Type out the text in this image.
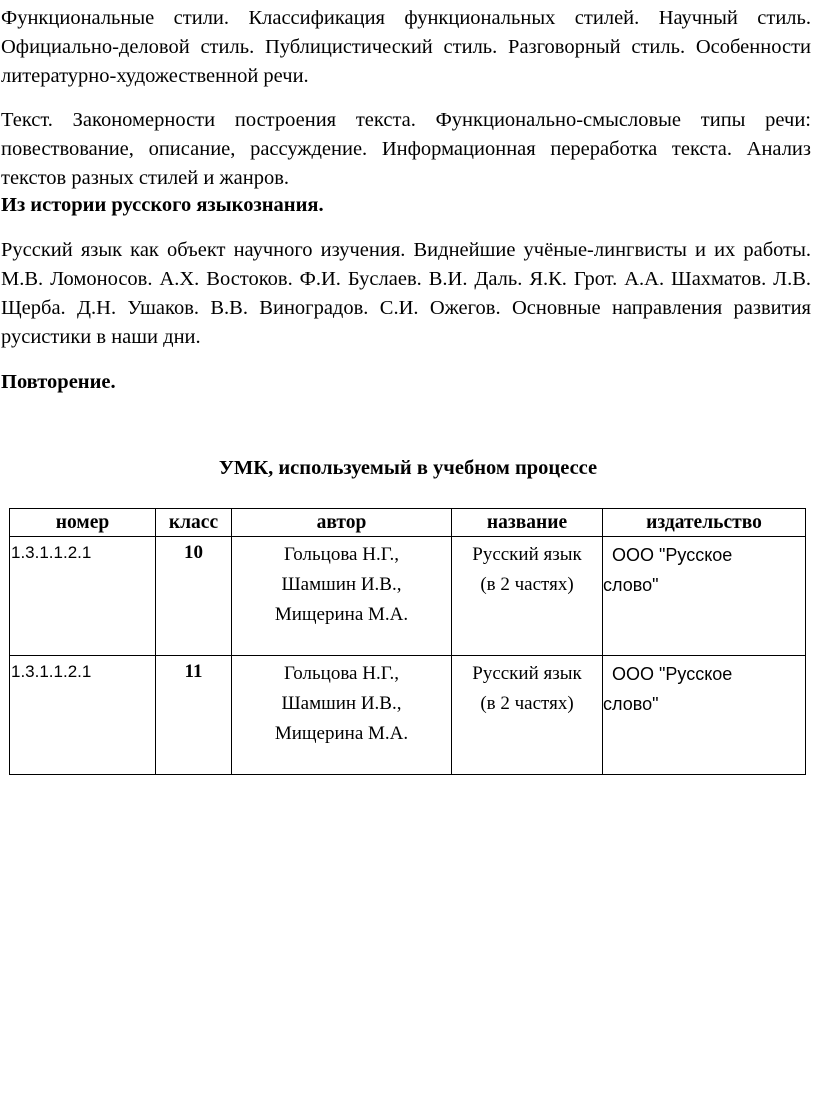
Функциональные стили. Классификация функциональных стилей. Научный стиль. Официально-деловой стиль. Публицистический стиль. Разговорный стиль. Особенности литературно-художественной речи.

Текст. Закономерности построения текста. Функционально-смысловые типы речи: повествование, описание, рассуждение. Информационная переработка текста. Анализ текстов разных стилей и жанров.

Из истории русского языкознания.

Русский язык как объект научного изучения. Виднейшие учёные-лингвисты и их работы. М.В. Ломоносов. А.Х. Востоков. Ф.И. Буслаев. В.И. Даль. Я.К. Грот. А.А. Шахматов. Л.В. Щерба. Д.Н. Ушаков. В.В. Виноградов. С.И. Ожегов. Основные направления развития русистики в наши дни.

Повторение.

УМК, используемый в учебном процессе

номер	класс	автор	название	издательство

1.3.1.1.2.1	10	Гольцова Н.Г.,
Шамшин И.В.,
Мищерина М.А.	Русский язык
(в 2 частях)	ООО "Русское
слово"

1.3.1.1.2.1	11	Гольцова Н.Г.,
Шамшин И.В.,
Мищерина М.А.	Русский язык
(в 2 частях)	ООО "Русское
слово"
